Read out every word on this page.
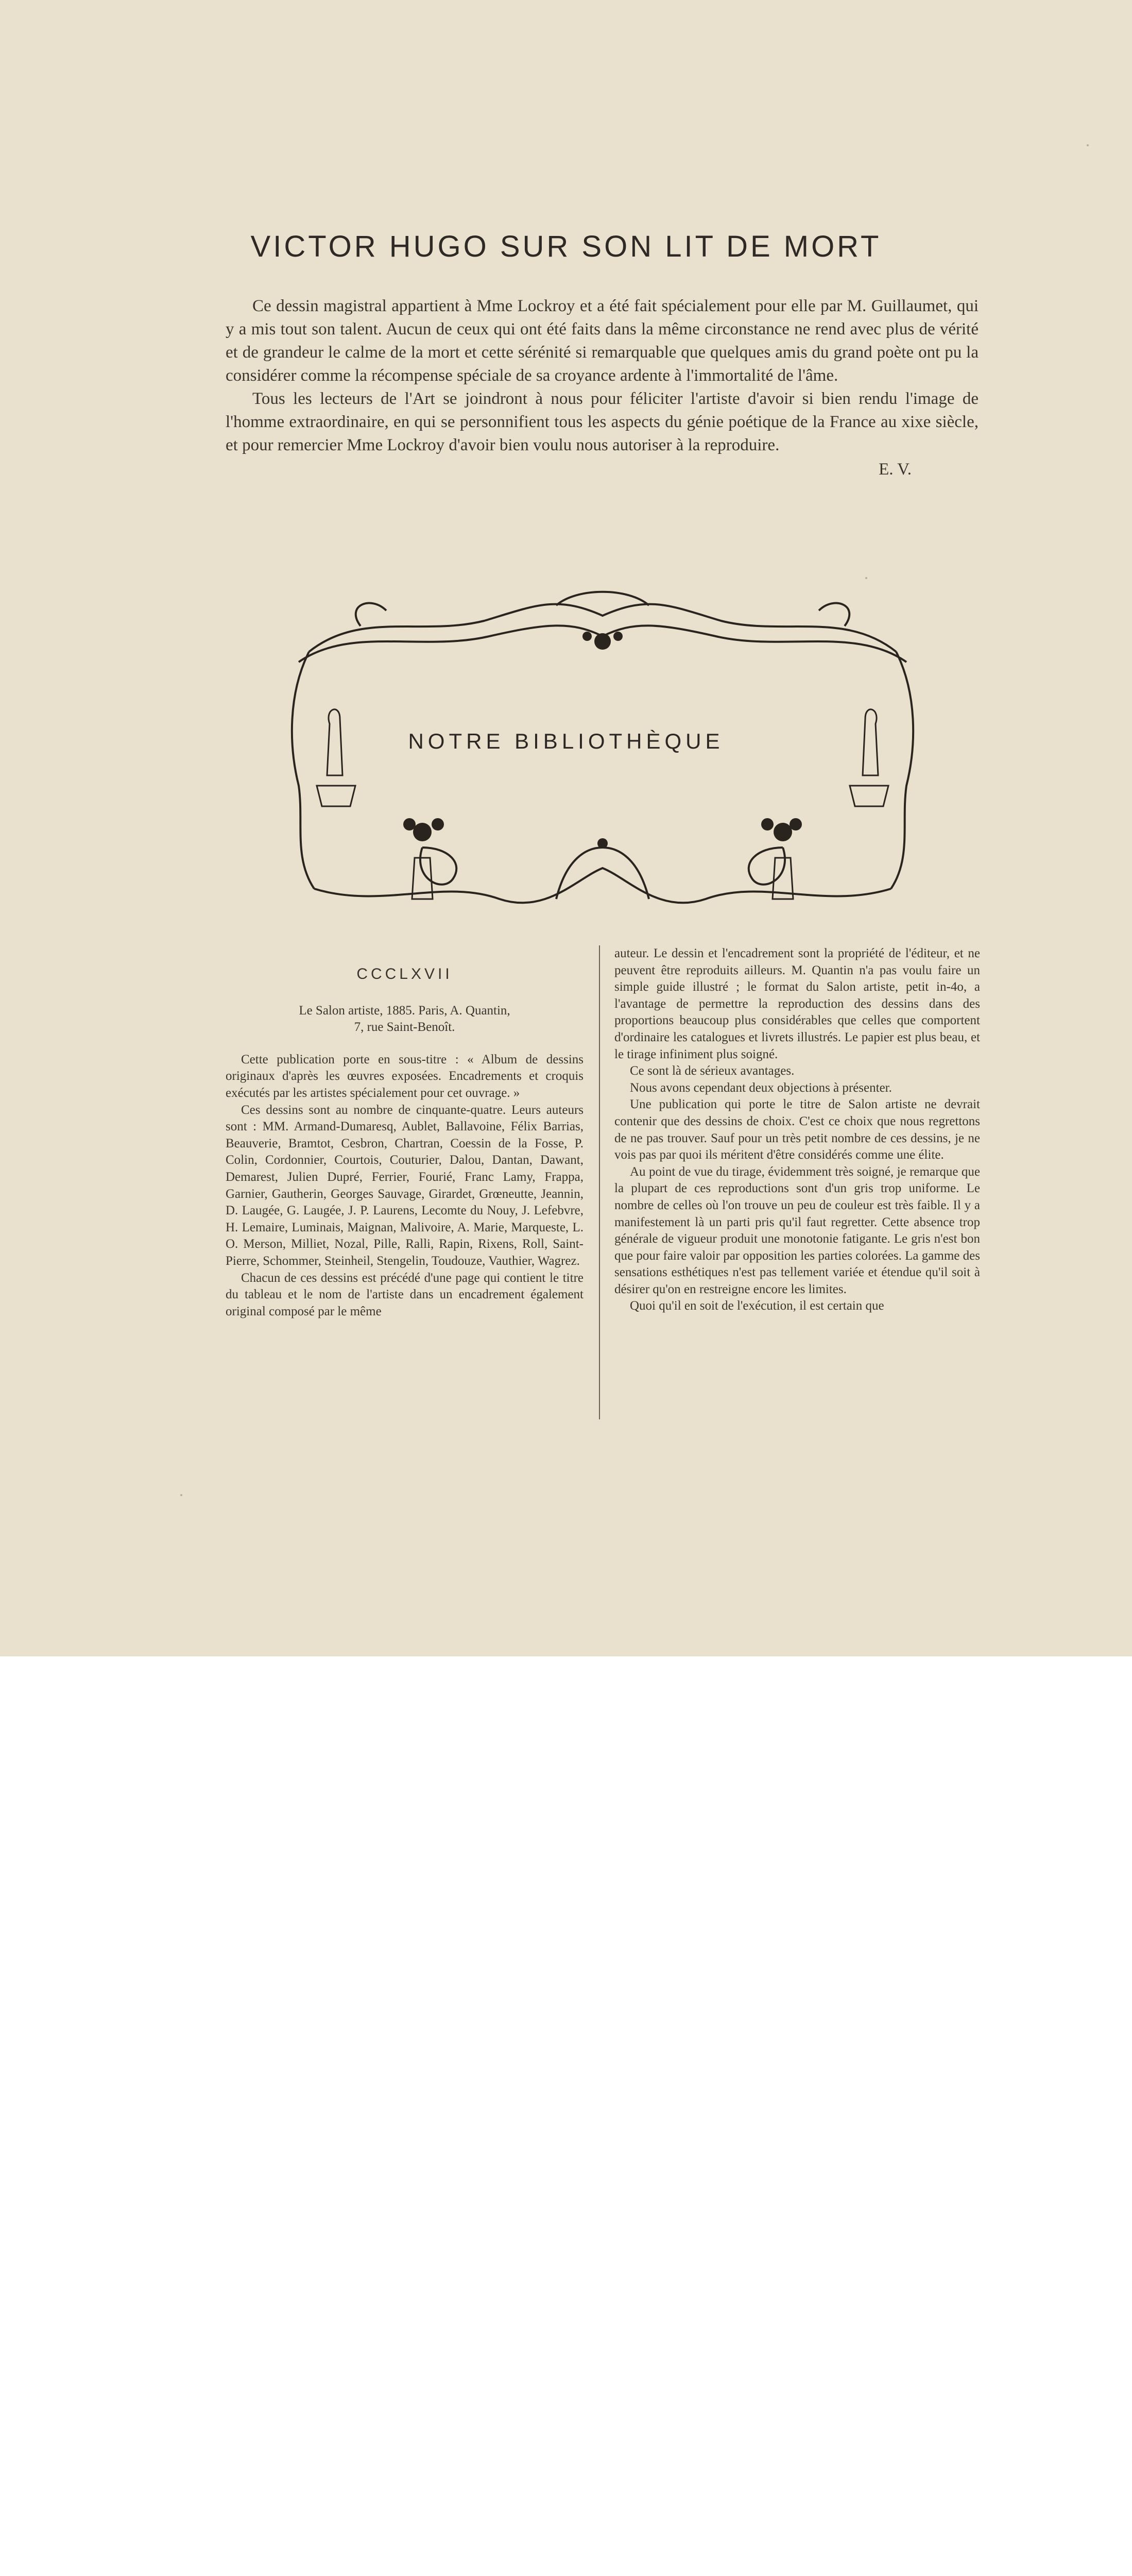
VICTOR HUGO SUR SON LIT DE MORT

Ce dessin magistral appartient à Mme Lockroy et a été fait spécialement pour elle par M. Guillaumet, qui y a mis tout son talent. Aucun de ceux qui ont été faits dans la même circonstance ne rend avec plus de vérité et de grandeur le calme de la mort et cette sérénité si remarquable que quelques amis du grand poète ont pu la considérer comme la récompense spéciale de sa croyance ardente à l'immortalité de l'âme.

Tous les lecteurs de l'Art se joindront à nous pour féliciter l'artiste d'avoir si bien rendu l'image de l'homme extraordinaire, en qui se personnifient tous les aspects du génie poétique de la France au xixe siècle, et pour remercier Mme Lockroy d'avoir bien voulu nous autoriser à la reproduire.

E. V.

NOTRE BIBLIOTHÈQUE

CCCLXVII

Le Salon artiste, 1885. Paris, A. Quantin,
7, rue Saint-Benoît.

Cette publication porte en sous-titre : « Album de dessins originaux d'après les œuvres exposées. Encadrements et croquis exécutés par les artistes spécialement pour cet ouvrage. »

Ces dessins sont au nombre de cinquante-quatre. Leurs auteurs sont : MM. Armand-Dumaresq, Aublet, Ballavoine, Félix Barrias, Beauverie, Bramtot, Cesbron, Chartran, Coessin de la Fosse, P. Colin, Cordonnier, Courtois, Couturier, Dalou, Dantan, Dawant, Demarest, Julien Dupré, Ferrier, Fourié, Franc Lamy, Frappa, Garnier, Gautherin, Georges Sauvage, Girardet, Grœneutte, Jeannin, D. Laugée, G. Laugée, J. P. Laurens, Lecomte du Nouy, J. Lefebvre, H. Lemaire, Luminais, Maignan, Malivoire, A. Marie, Marqueste, L. O. Merson, Milliet, Nozal, Pille, Ralli, Rapin, Rixens, Roll, Saint-Pierre, Schommer, Steinheil, Stengelin, Toudouze, Vauthier, Wagrez.

Chacun de ces dessins est précédé d'une page qui contient le titre du tableau et le nom de l'artiste dans un encadrement également original composé par le même

auteur. Le dessin et l'encadrement sont la propriété de l'éditeur, et ne peuvent être reproduits ailleurs. M. Quantin n'a pas voulu faire un simple guide illustré ; le format du Salon artiste, petit in-4o, a l'avantage de permettre la reproduction des dessins dans des proportions beaucoup plus considérables que celles que comportent d'ordinaire les catalogues et livrets illustrés. Le papier est plus beau, et le tirage infiniment plus soigné.

Ce sont là de sérieux avantages.

Nous avons cependant deux objections à présenter.

Une publication qui porte le titre de Salon artiste ne devrait contenir que des dessins de choix. C'est ce choix que nous regrettons de ne pas trouver. Sauf pour un très petit nombre de ces dessins, je ne vois pas par quoi ils méritent d'être considérés comme une élite.

Au point de vue du tirage, évidemment très soigné, je remarque que la plupart de ces reproductions sont d'un gris trop uniforme. Le nombre de celles où l'on trouve un peu de couleur est très faible. Il y a manifestement là un parti pris qu'il faut regretter. Cette absence trop générale de vigueur produit une monotonie fatigante. Le gris n'est bon que pour faire valoir par opposition les parties colorées. La gamme des sensations esthétiques n'est pas tellement variée et étendue qu'il soit à désirer qu'on en restreigne encore les limites.

Quoi qu'il en soit de l'exécution, il est certain que
